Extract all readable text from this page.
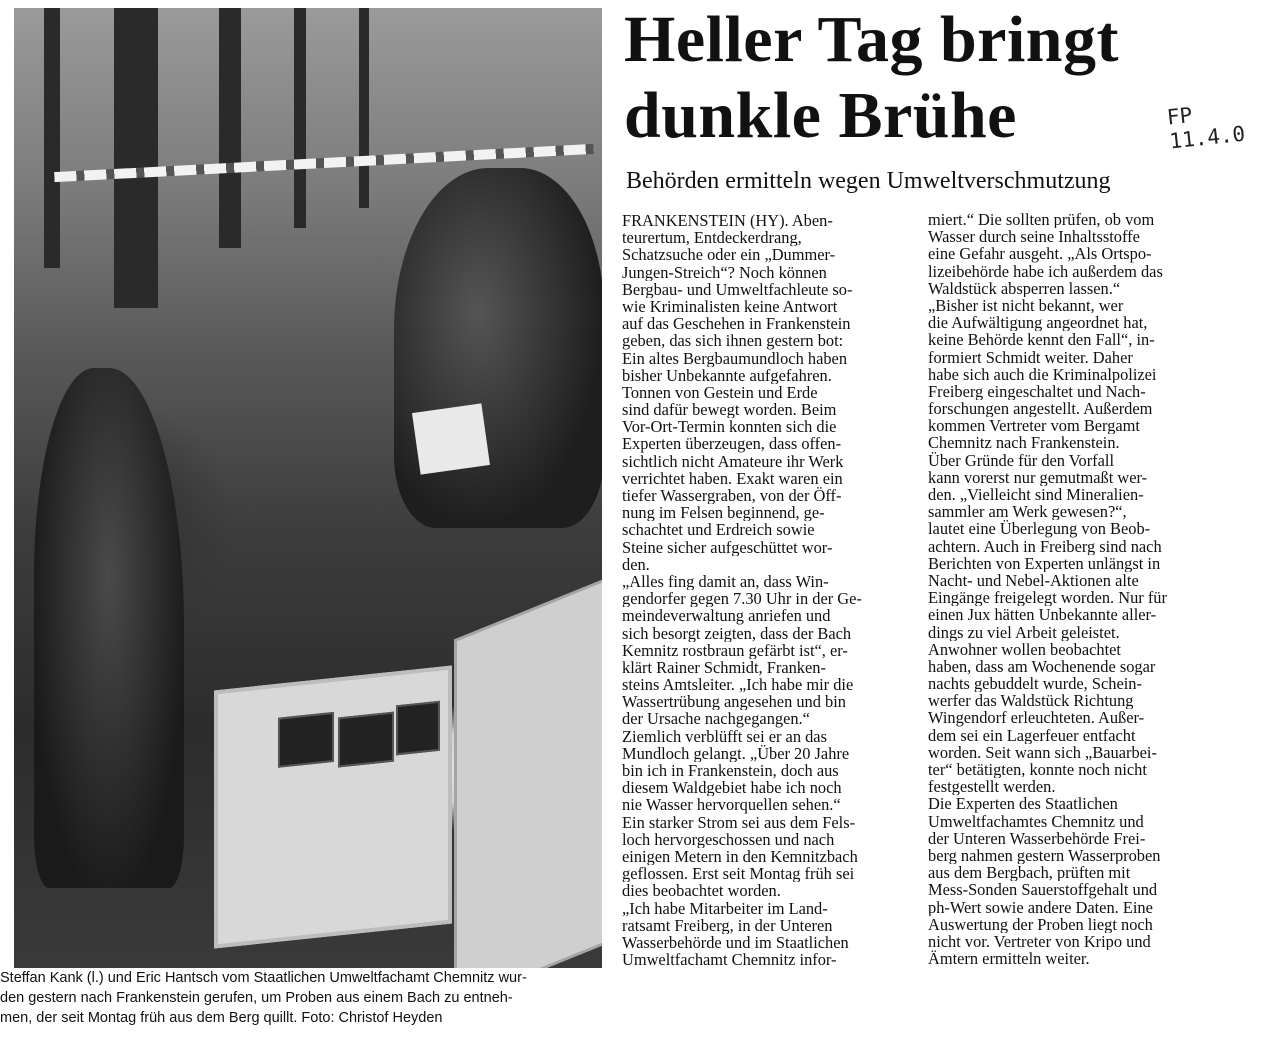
Steffan Kank (l.) und Eric Hantsch vom Staatlichen Umweltfachamt Chemnitz wur-
den gestern nach Frankenstein gerufen, um Proben aus einem Bach zu entneh-
men, der seit Montag früh aus dem Berg quillt. Foto: Christof Heyden
Heller Tag bringt
dunkle Brühe	FP 11.4.0
Behörden ermitteln wegen Umweltverschmutzung
FRANKENSTEIN (HY). Aben-
teurertum, Entdeckerdrang,
Schatzsuche oder ein „Dummer-
Jungen-Streich“? Noch können
Bergbau- und Umweltfachleute so-
wie Kriminalisten keine Antwort
auf das Geschehen in Frankenstein
geben, das sich ihnen gestern bot:
Ein altes Bergbaumundloch haben
bisher Unbekannte aufgefahren.
Tonnen von Gestein und Erde
sind dafür bewegt worden. Beim
Vor-Ort-Termin konnten sich die
Experten überzeugen, dass offen-
sichtlich nicht Amateure ihr Werk
verrichtet haben. Exakt waren ein
tiefer Wassergraben, von der Öff-
nung im Felsen beginnend, ge-
schachtet und Erdreich sowie
Steine sicher aufgeschüttet wor-
den.
„Alles fing damit an, dass Win-
gendorfer gegen 7.30 Uhr in der Ge-
meindeverwaltung anriefen und
sich besorgt zeigten, dass der Bach
Kemnitz rostbraun gefärbt ist“, er-
klärt Rainer Schmidt, Franken-
steins Amtsleiter. „Ich habe mir die
Wassertrübung angesehen und bin
der Ursache nachgegangen.“
Ziemlich verblüfft sei er an das
Mundloch gelangt. „Über 20 Jahre
bin ich in Frankenstein, doch aus
diesem Waldgebiet habe ich noch
nie Wasser hervorquellen sehen.“
Ein starker Strom sei aus dem Fels-
loch hervorgeschossen und nach
einigen Metern in den Kemnitzbach
geflossen. Erst seit Montag früh sei
dies beobachtet worden.
„Ich habe Mitarbeiter im Land-
ratsamt Freiberg, in der Unteren
Wasserbehörde und im Staatlichen
Umweltfachamt Chemnitz infor-
miert.“ Die sollten prüfen, ob vom
Wasser durch seine Inhaltsstoffe
eine Gefahr ausgeht. „Als Ortspo-
lizeibehörde habe ich außerdem das
Waldstück absperren lassen.“
„Bisher ist nicht bekannt, wer
die Aufwältigung angeordnet hat,
keine Behörde kennt den Fall“, in-
formiert Schmidt weiter. Daher
habe sich auch die Kriminalpolizei
Freiberg eingeschaltet und Nach-
forschungen angestellt. Außerdem
kommen Vertreter vom Bergamt
Chemnitz nach Frankenstein.
Über Gründe für den Vorfall
kann vorerst nur gemutmaßt wer-
den. „Vielleicht sind Mineralien-
sammler am Werk gewesen?“,
lautet eine Überlegung von Beob-
achtern. Auch in Freiberg sind nach
Berichten von Experten unlängst in
Nacht- und Nebel-Aktionen alte
Eingänge freigelegt worden. Nur für
einen Jux hätten Unbekannte aller-
dings zu viel Arbeit geleistet.
Anwohner wollen beobachtet
haben, dass am Wochenende sogar
nachts gebuddelt wurde, Schein-
werfer das Waldstück Richtung
Wingendorf erleuchteten. Außer-
dem sei ein Lagerfeuer entfacht
worden. Seit wann sich „Bauarbei-
ter“ betätigten, konnte noch nicht
festgestellt werden.
Die Experten des Staatlichen
Umweltfachamtes Chemnitz und
der Unteren Wasserbehörde Frei-
berg nahmen gestern Wasserproben
aus dem Bergbach, prüften mit
Mess-Sonden Sauerstoffgehalt und
ph-Wert sowie andere Daten. Eine
Auswertung der Proben liegt noch
nicht vor. Vertreter von Kripo und
Ämtern ermitteln weiter.
